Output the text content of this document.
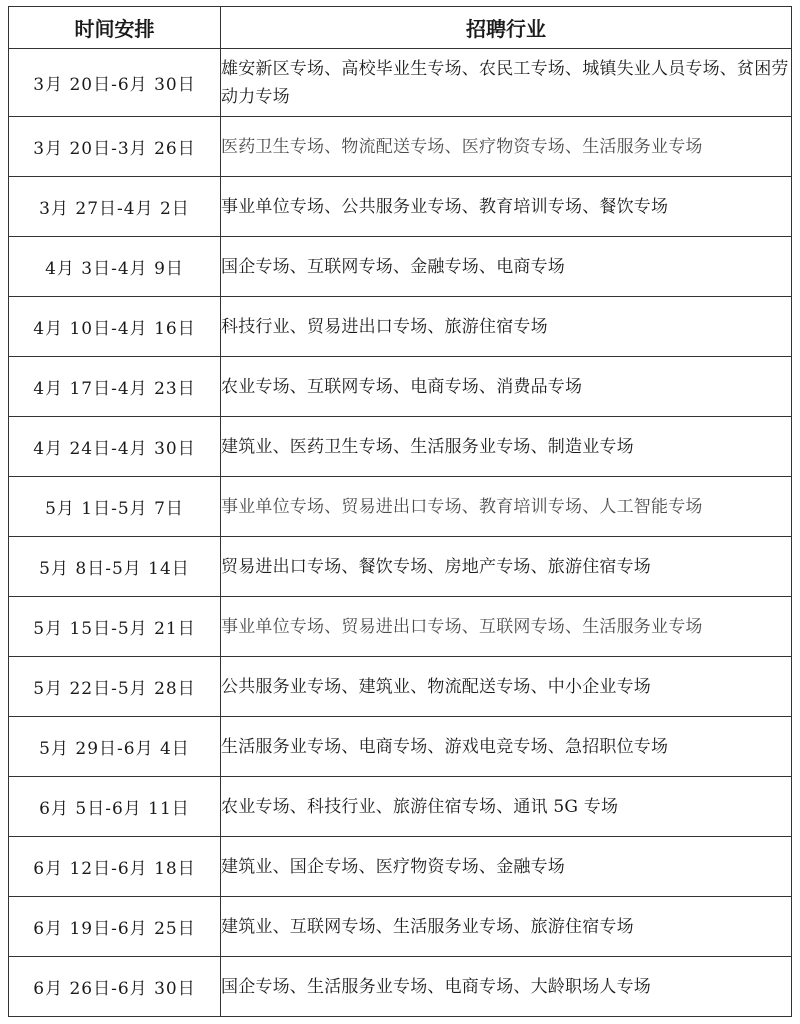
时间安排	招聘行业
3月 20日-6月 30日	雄安新区专场、高校毕业生专场、农民工专场、城镇失业人员专场、贫困劳动力专场
3月 20日-3月 26日	医药卫生专场、物流配送专场、医疗物资专场、生活服务业专场
3月 27日-4月 2日	事业单位专场、公共服务业专场、教育培训专场、餐饮专场
4月 3日-4月 9日	国企专场、互联网专场、金融专场、电商专场
4月 10日-4月 16日	科技行业、贸易进出口专场、旅游住宿专场
4月 17日-4月 23日	农业专场、互联网专场、电商专场、消费品专场
4月 24日-4月 30日	建筑业、医药卫生专场、生活服务业专场、制造业专场
5月 1日-5月 7日	事业单位专场、贸易进出口专场、教育培训专场、人工智能专场
5月 8日-5月 14日	贸易进出口专场、餐饮专场、房地产专场、旅游住宿专场
5月 15日-5月 21日	事业单位专场、贸易进出口专场、互联网专场、生活服务业专场
5月 22日-5月 28日	公共服务业专场、建筑业、物流配送专场、中小企业专场
5月 29日-6月 4日	生活服务业专场、电商专场、游戏电竞专场、急招职位专场
6月 5日-6月 11日	农业专场、科技行业、旅游住宿专场、通讯 5G 专场
6月 12日-6月 18日	建筑业、国企专场、医疗物资专场、金融专场
6月 19日-6月 25日	建筑业、互联网专场、生活服务业专场、旅游住宿专场
6月 26日-6月 30日	国企专场、生活服务业专场、电商专场、大龄职场人专场
